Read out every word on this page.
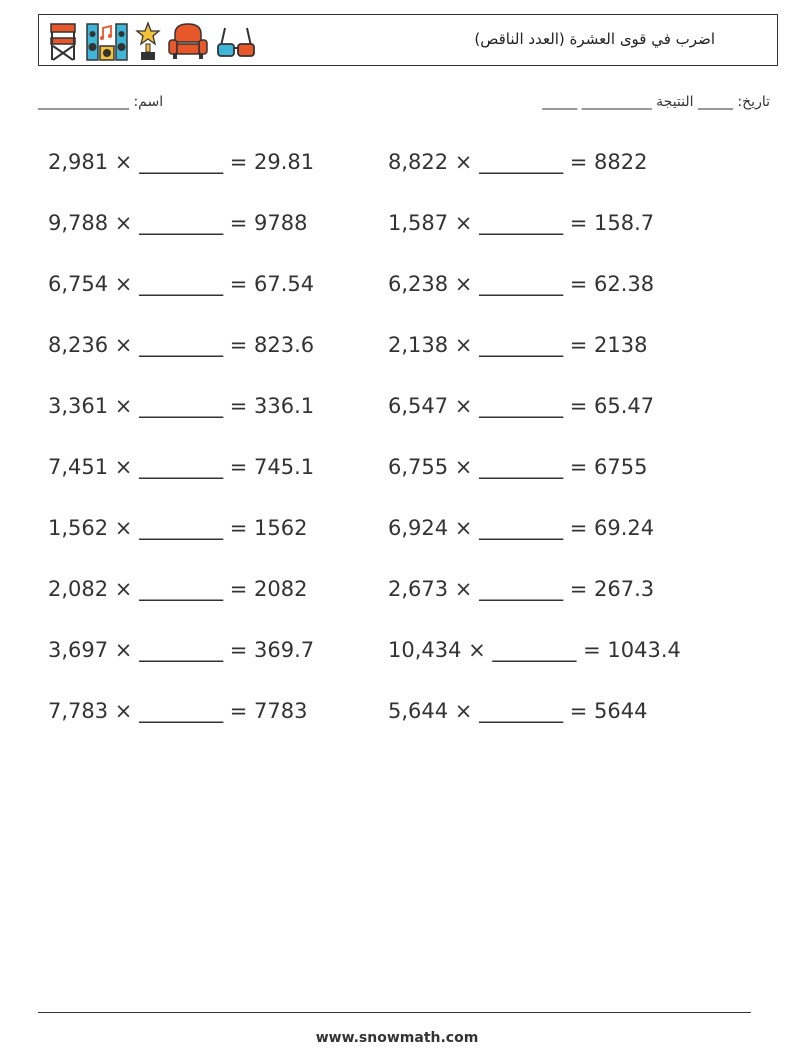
اضرب في قوى العشرة (العدد الناقص)
اسم: _____________	تاريخ: _____ النتيجة __________ _____
2,981 × ________ = 29.81
9,788 × ________ = 9788
6,754 × ________ = 67.54
8,236 × ________ = 823.6
3,361 × ________ = 336.1
7,451 × ________ = 745.1
1,562 × ________ = 1562
2,082 × ________ = 2082
3,697 × ________ = 369.7
7,783 × ________ = 7783
8,822 × ________ = 8822
1,587 × ________ = 158.7
6,238 × ________ = 62.38
2,138 × ________ = 2138
6,547 × ________ = 65.47
6,755 × ________ = 6755
6,924 × ________ = 69.24
2,673 × ________ = 267.3
10,434 × ________ = 1043.4
5,644 × ________ = 5644
www.snowmath.com
